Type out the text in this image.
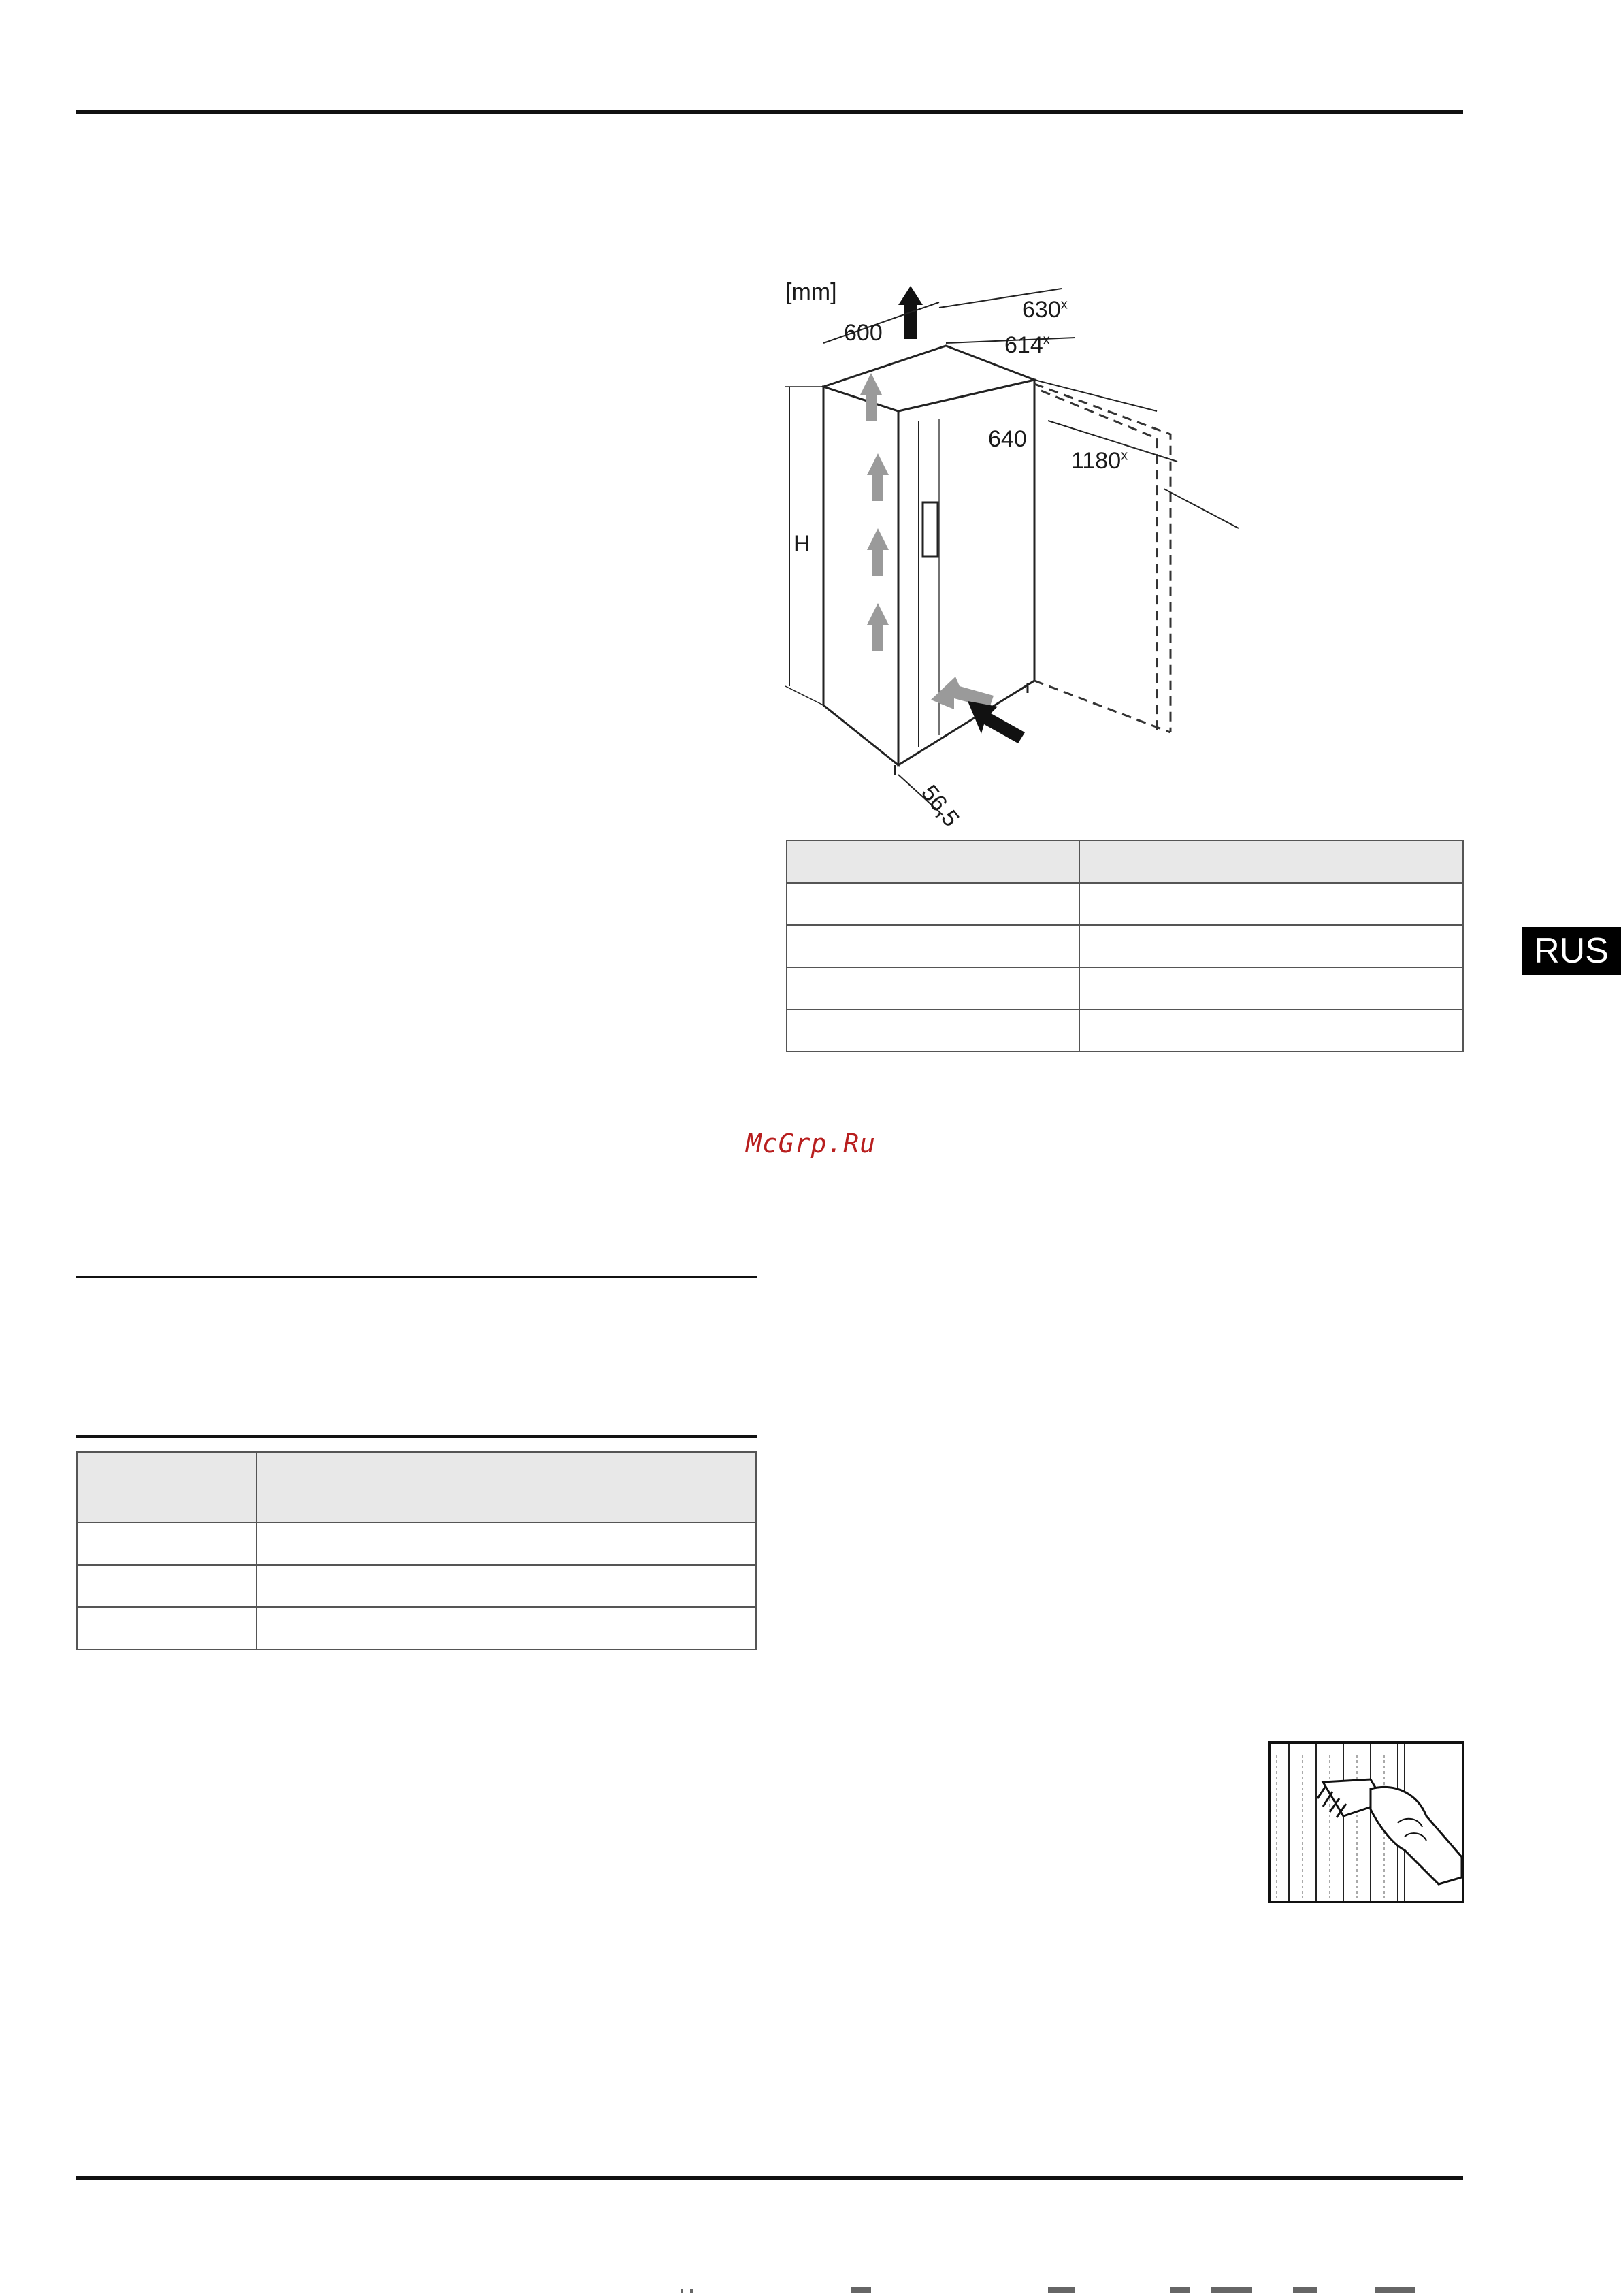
600
630$^x$
614$^x$
640
1180$^x$
H
56,5
[mm]

RUS
McGrp.Ru
